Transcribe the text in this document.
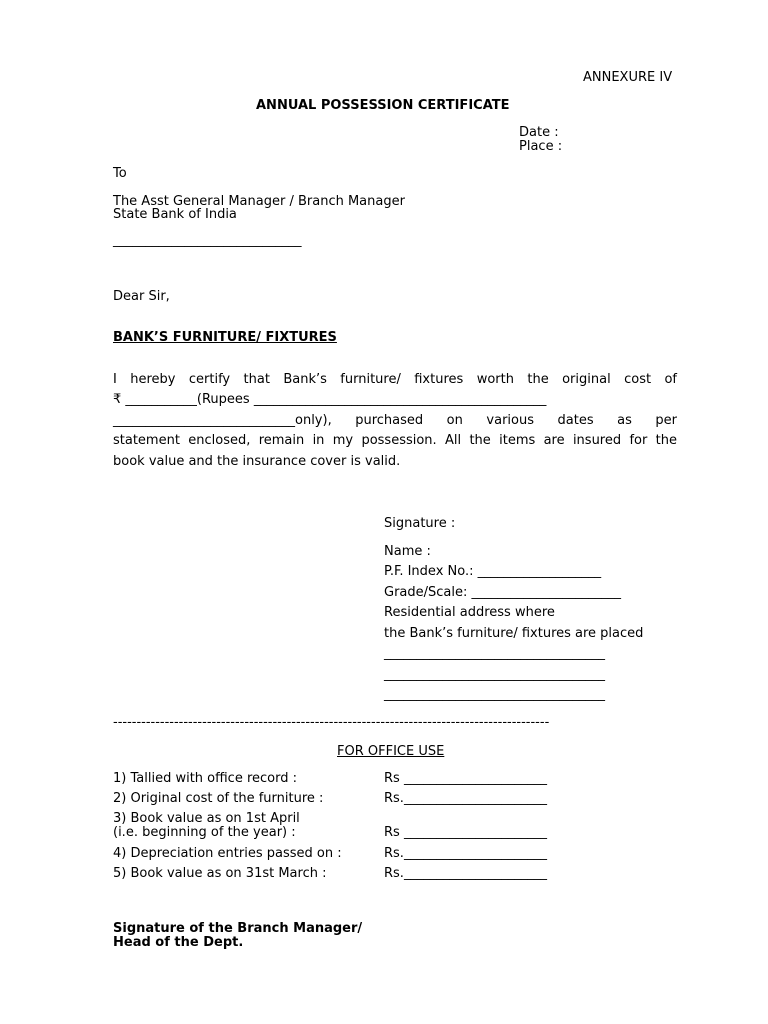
ANNEXURE IV
ANNUAL POSSESSION CERTIFICATE
Date :
Place :
To
The Asst General Manager / Branch Manager
State Bank of India
_____________________________
Dear Sir,
BANK’S FURNITURE/ FIXTURES
I hereby certify that Bank’s furniture/ fixtures worth the original cost of
₹ ___________(Rupees _____________________________________________
____________________________only), purchased on various dates as per
statement enclosed, remain in my possession. All the items are insured for the
book value and the insurance cover is valid.
Signature :
Name :
P.F. Index No.: ___________________
Grade/Scale: _______________________
Residential address where
the Bank’s furniture/ fixtures are placed
__________________________________
__________________________________
__________________________________
---------------------------------------------------------------------------------------------
FOR OFFICE USE
1) Tallied with office record :	Rs ______________________
2) Original cost of the furniture :	Rs.______________________
3) Book value as on 1st April
(i.e. beginning of the year) :	Rs ______________________
4) Depreciation entries passed on :	Rs.______________________
5) Book value as on 31st March :	Rs.______________________
Signature of the Branch Manager/
Head of the Dept.
